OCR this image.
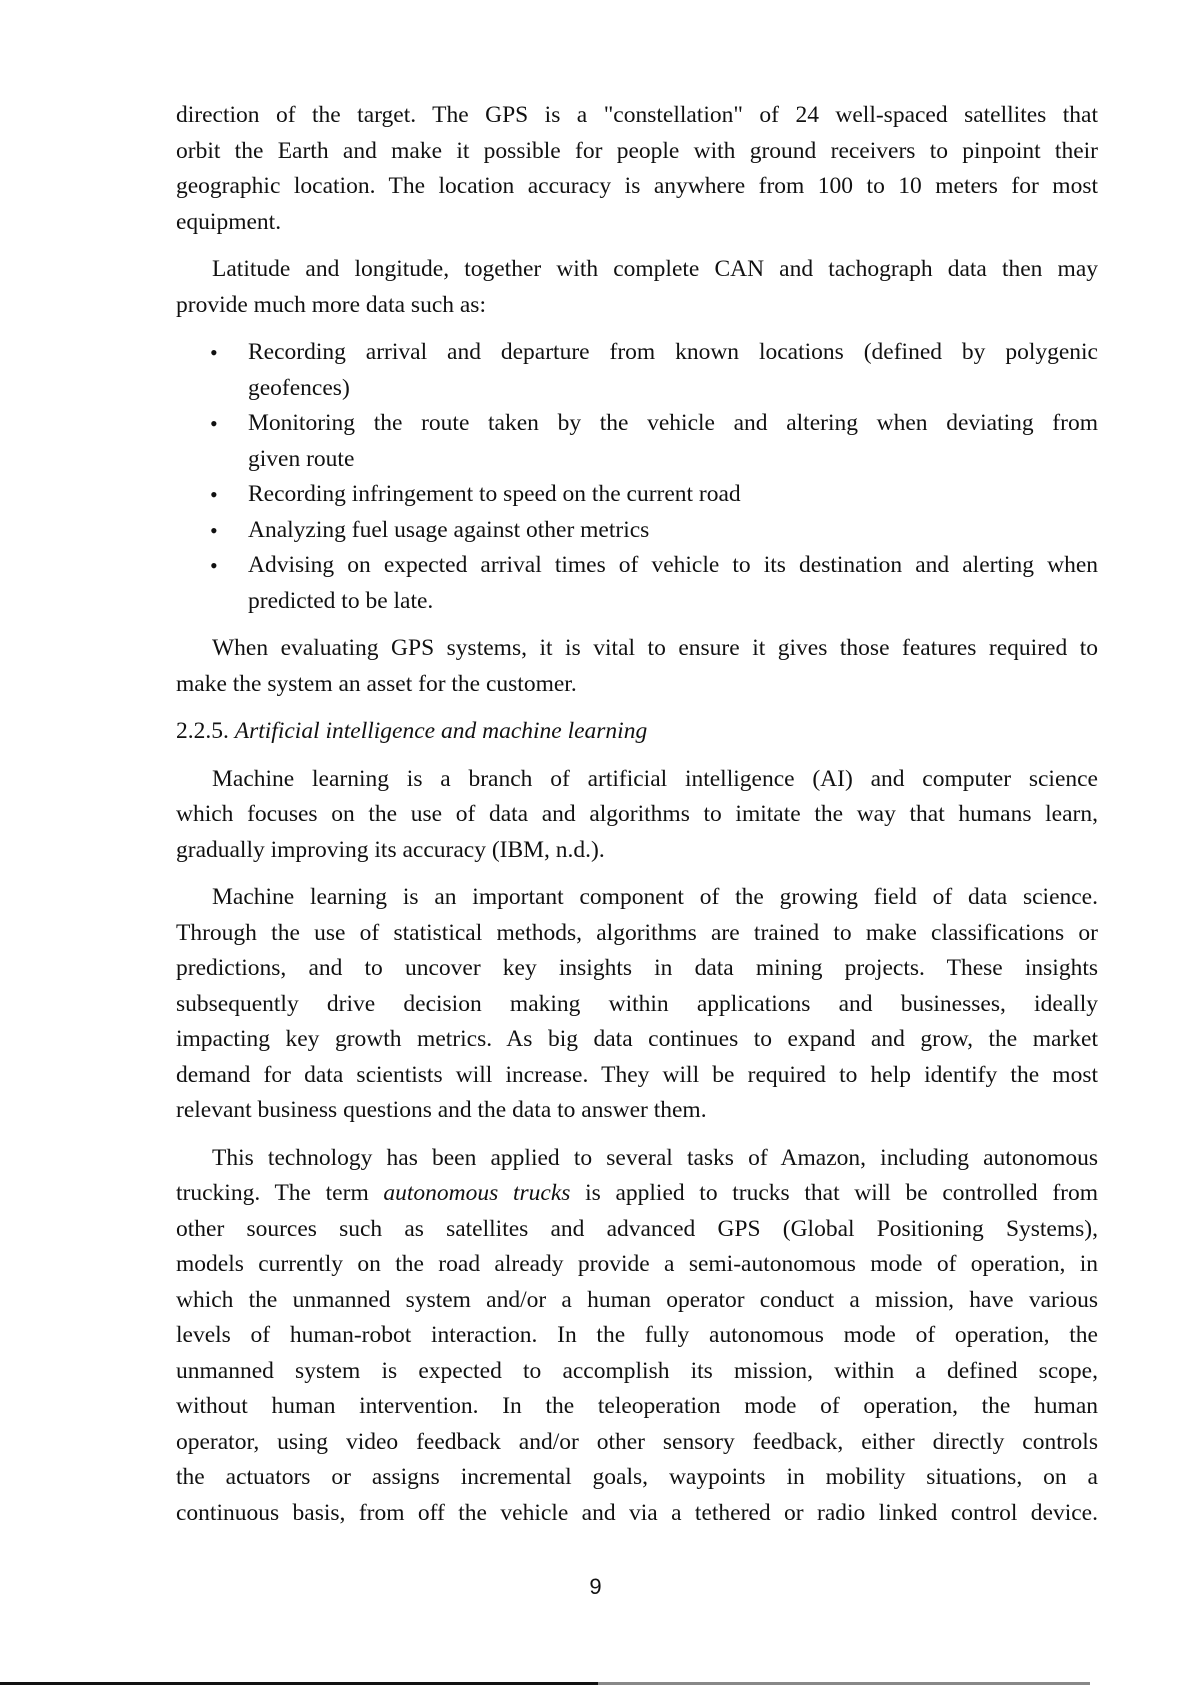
direction of the target. The GPS is a "constellation" of 24 well-spaced satellites that
orbit the Earth and make it possible for people with ground receivers to pinpoint their
geographic location. The location accuracy is anywhere from 100 to 10 meters for most
equipment.

Latitude and longitude, together with complete CAN and tachograph data then may
provide much more data such as:

• Recording arrival and departure from known locations (defined by polygenic
geofences)
• Monitoring the route taken by the vehicle and altering when deviating from
given route
• Recording infringement to speed on the current road
• Analyzing fuel usage against other metrics
• Advising on expected arrival times of vehicle to its destination and alerting when
predicted to be late.

When evaluating GPS systems, it is vital to ensure it gives those features required to
make the system an asset for the customer.

2.2.5. Artificial intelligence and machine learning

Machine learning is a branch of artificial intelligence (AI) and computer science
which focuses on the use of data and algorithms to imitate the way that humans learn,
gradually improving its accuracy (IBM, n.d.).

Machine learning is an important component of the growing field of data science.
Through the use of statistical methods, algorithms are trained to make classifications or
predictions, and to uncover key insights in data mining projects. These insights
subsequently drive decision making within applications and businesses, ideally
impacting key growth metrics. As big data continues to expand and grow, the market
demand for data scientists will increase. They will be required to help identify the most
relevant business questions and the data to answer them.

This technology has been applied to several tasks of Amazon, including autonomous
trucking. The term autonomous trucks is applied to trucks that will be controlled from
other sources such as satellites and advanced GPS (Global Positioning Systems),
models currently on the road already provide a semi-autonomous mode of operation, in
which the unmanned system and/or a human operator conduct a mission, have various
levels of human-robot interaction. In the fully autonomous mode of operation, the
unmanned system is expected to accomplish its mission, within a defined scope,
without human intervention. In the teleoperation mode of operation, the human
operator, using video feedback and/or other sensory feedback, either directly controls
the actuators or assigns incremental goals, waypoints in mobility situations, on a
continuous basis, from off the vehicle and via a tethered or radio linked control device.

9
